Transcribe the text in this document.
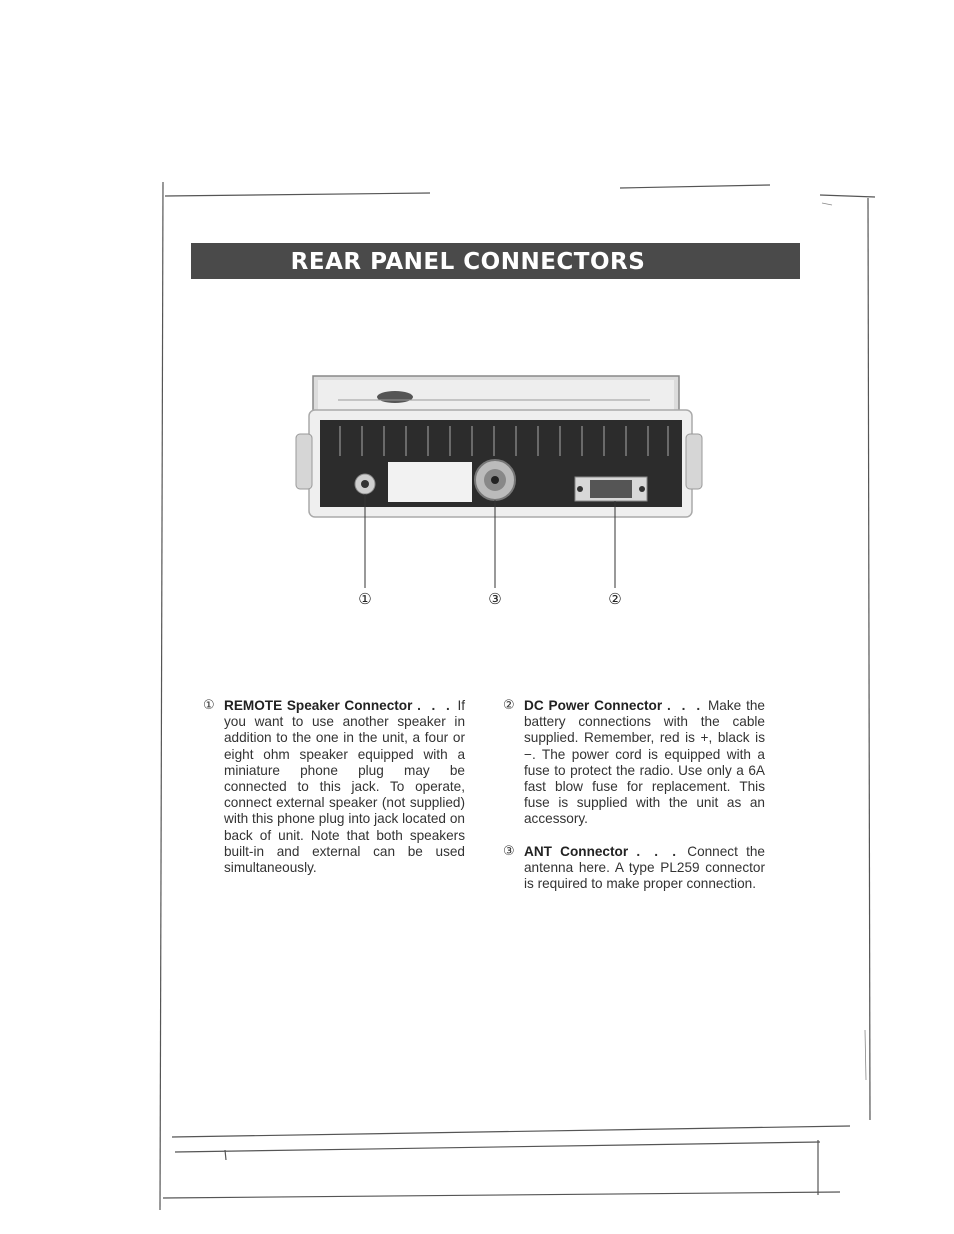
REAR PANEL CONNECTORS
①	③	②
① REMOTE Speaker Connector . . . If you want to use another speaker in addition to the one in the unit, a four or eight ohm speaker equipped with a miniature phone plug may be connected to this jack. To operate, connect external speaker (not supplied) with this phone plug into jack located on back of unit. Note that both speakers built-in and external can be used simultaneously.
② DC Power Connector . . . Make the battery connections with the cable supplied. Remember, red is +, black is −. The power cord is equipped with a fuse to protect the radio. Use only a 6A fast blow fuse for replacement. This fuse is supplied with the unit as an accessory.
③ ANT Connector . . . Connect the antenna here. A type PL259 connector is required to make proper connection.
